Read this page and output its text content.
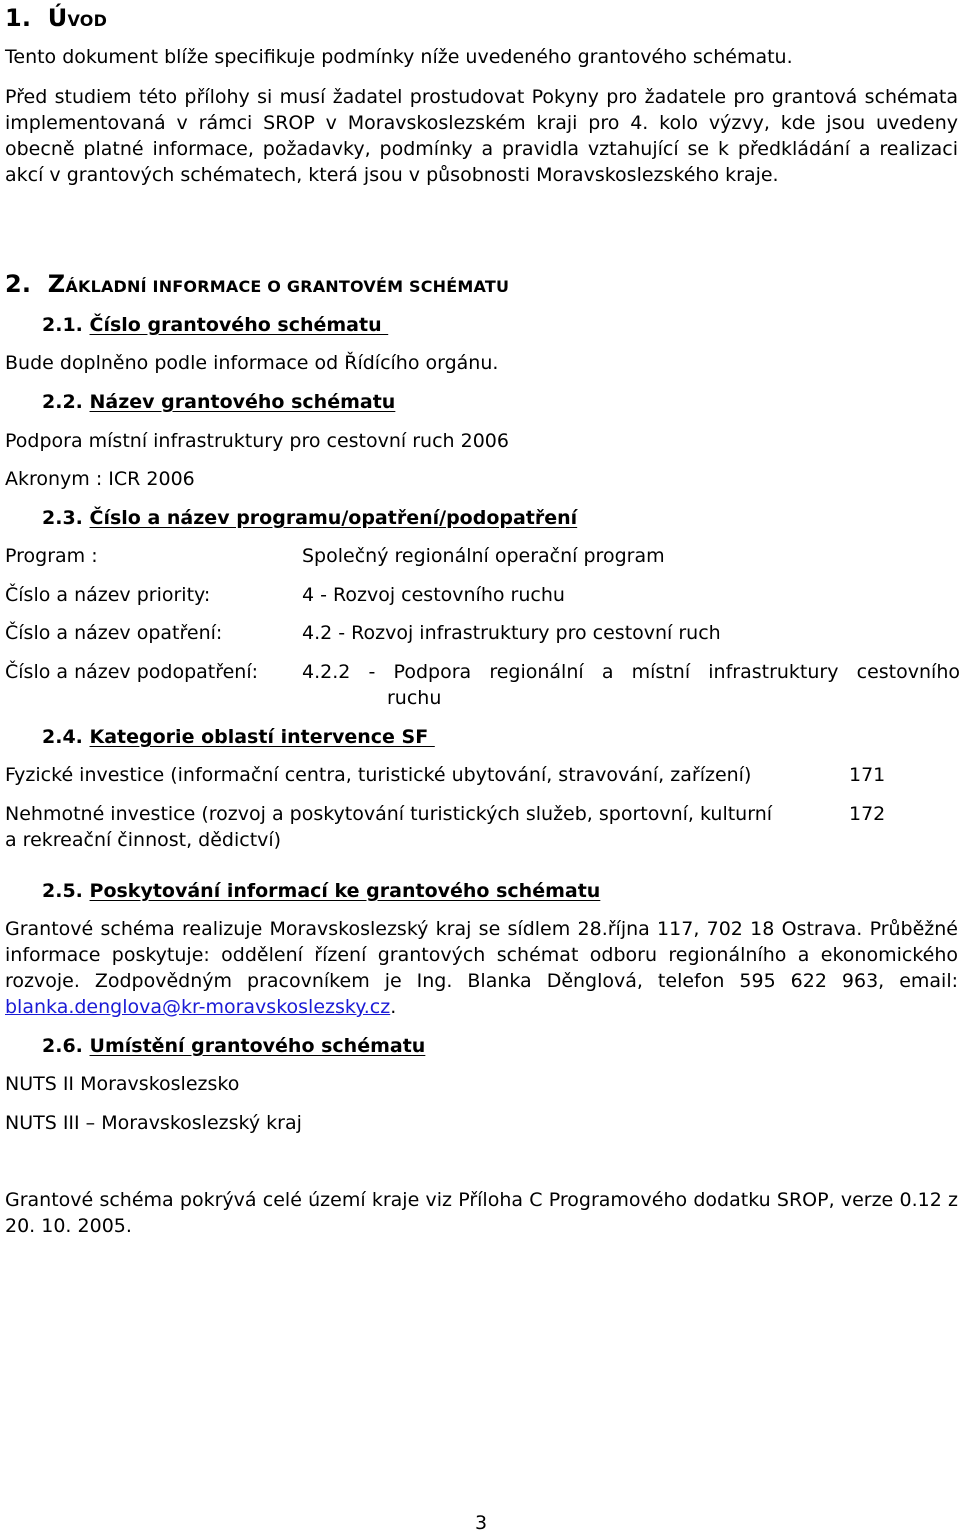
1. ÚVOD

Tento dokument blíže specifikuje podmínky níže uvedeného grantového schématu.

Před studiem této přílohy si musí žadatel prostudovat Pokyny pro žadatele pro grantová schémata implementovaná v rámci SROP v Moravskoslezském kraji pro 4. kolo výzvy, kde jsou uvedeny obecně platné informace, požadavky, podmínky a pravidla vztahující se k předkládání a realizaci akcí v grantových schématech, která jsou v působnosti Moravskoslezského kraje.

2. ZÁKLADNÍ INFORMACE O GRANTOVÉM SCHÉMATU
2.1. Číslo grantového schématu

Bude doplněno podle informace od Řídícího orgánu.

2.2. Název grantového schématu

Podpora místní infrastruktury pro cestovní ruch 2006

Akronym : ICR 2006

2.3. Číslo a název programu/opatření/podopatření
Program :	Společný regionální operační program
Číslo a název priority:	4 - Rozvoj cestovního ruchu
Číslo a název opatření:	4.2 - Rozvoj infrastruktury pro cestovní ruch
Číslo a název podopatření: 4.2.2 - Podpora regionální a místní infrastruktury cestovního
ruchu
2.4. Kategorie oblastí intervence SF
Fyzické investice (informační centra, turistické ubytování, stravování, zařízení)	171
Nehmotné investice (rozvoj a poskytování turistických služeb, sportovní, kulturní
a rekreační činnost, dědictví)
172
2.5. Poskytování informací ke grantového schématu

Grantové schéma realizuje Moravskoslezský kraj se sídlem 28.října 117, 702 18 Ostrava. Průběžné informace poskytuje: oddělení řízení grantových schémat odboru regionálního a ekonomického rozvoje. Zodpovědným pracovníkem je Ing. Blanka Děnglová, telefon 595 622 963, email: blanka.denglova@kr-moravskoslezsky.cz.

2.6. Umístění grantového schématu

NUTS II Moravskoslezsko

NUTS III – Moravskoslezský kraj

Grantové schéma pokrývá celé území kraje viz Příloha C Programového dodatku SROP, verze 0.12 z 20. 10. 2005.

3
